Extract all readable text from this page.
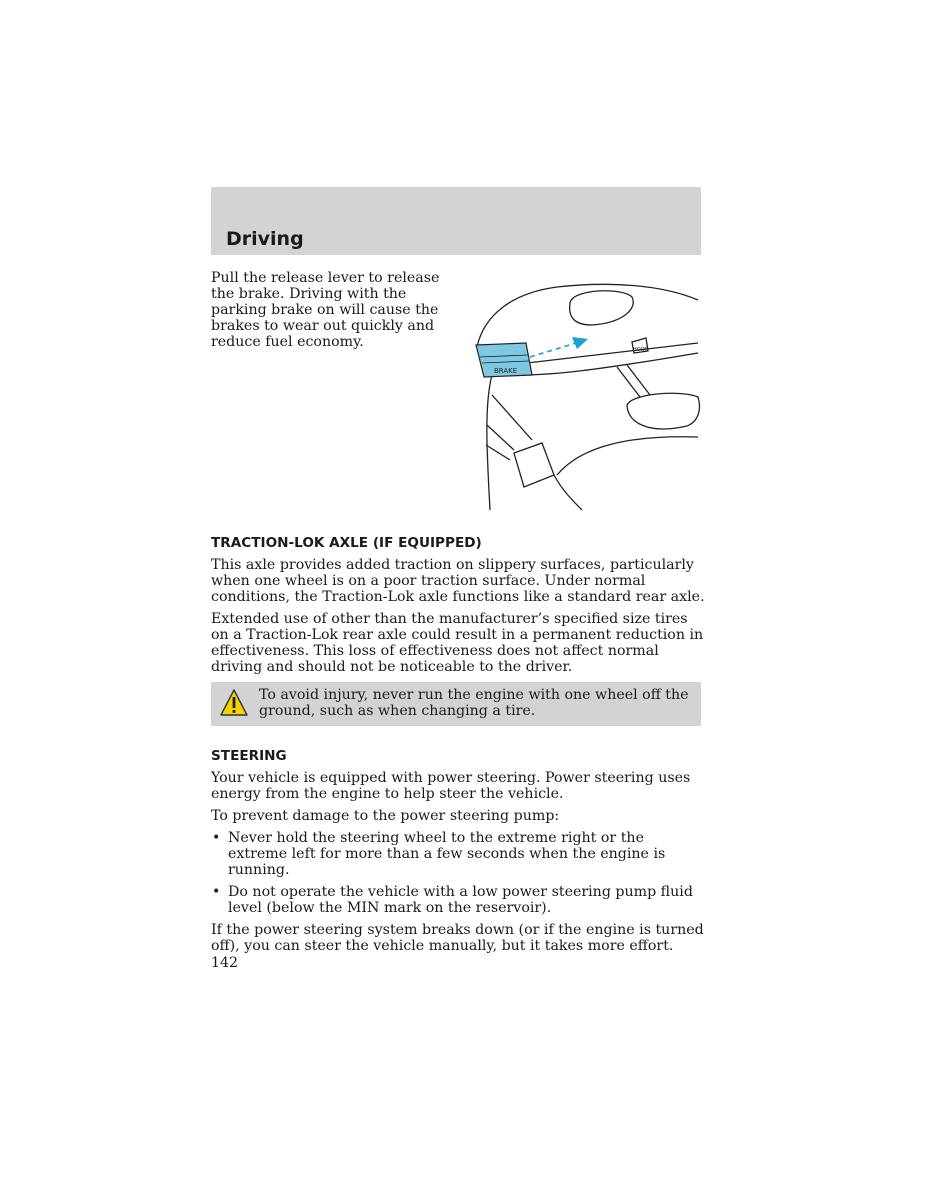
Driving
Pull the release lever to release the brake. Driving with the parking brake on will cause the brakes to wear out quickly and reduce fuel economy.
BRAKE
HOOD
TRACTION-LOK AXLE (IF EQUIPPED)

This axle provides added traction on slippery surfaces, particularly when one wheel is on a poor traction surface. Under normal conditions, the Traction-Lok axle functions like a standard rear axle.

Extended use of other than the manufacturer’s specified size tires on a Traction-Lok rear axle could result in a permanent reduction in effectiveness. This loss of effectiveness does not affect normal driving and should not be noticeable to the driver.

To avoid injury, never run the engine with one wheel off the ground, such as when changing a tire.
STEERING

Your vehicle is equipped with power steering. Power steering uses energy from the engine to help steer the vehicle.

To prevent damage to the power steering pump:

• Never hold the steering wheel to the extreme right or the extreme left for more than a few seconds when the engine is running.
• Do not operate the vehicle with a low power steering pump fluid level (below the MIN mark on the reservoir).

If the power steering system breaks down (or if the engine is turned off), you can steer the vehicle manually, but it takes more effort.

142
